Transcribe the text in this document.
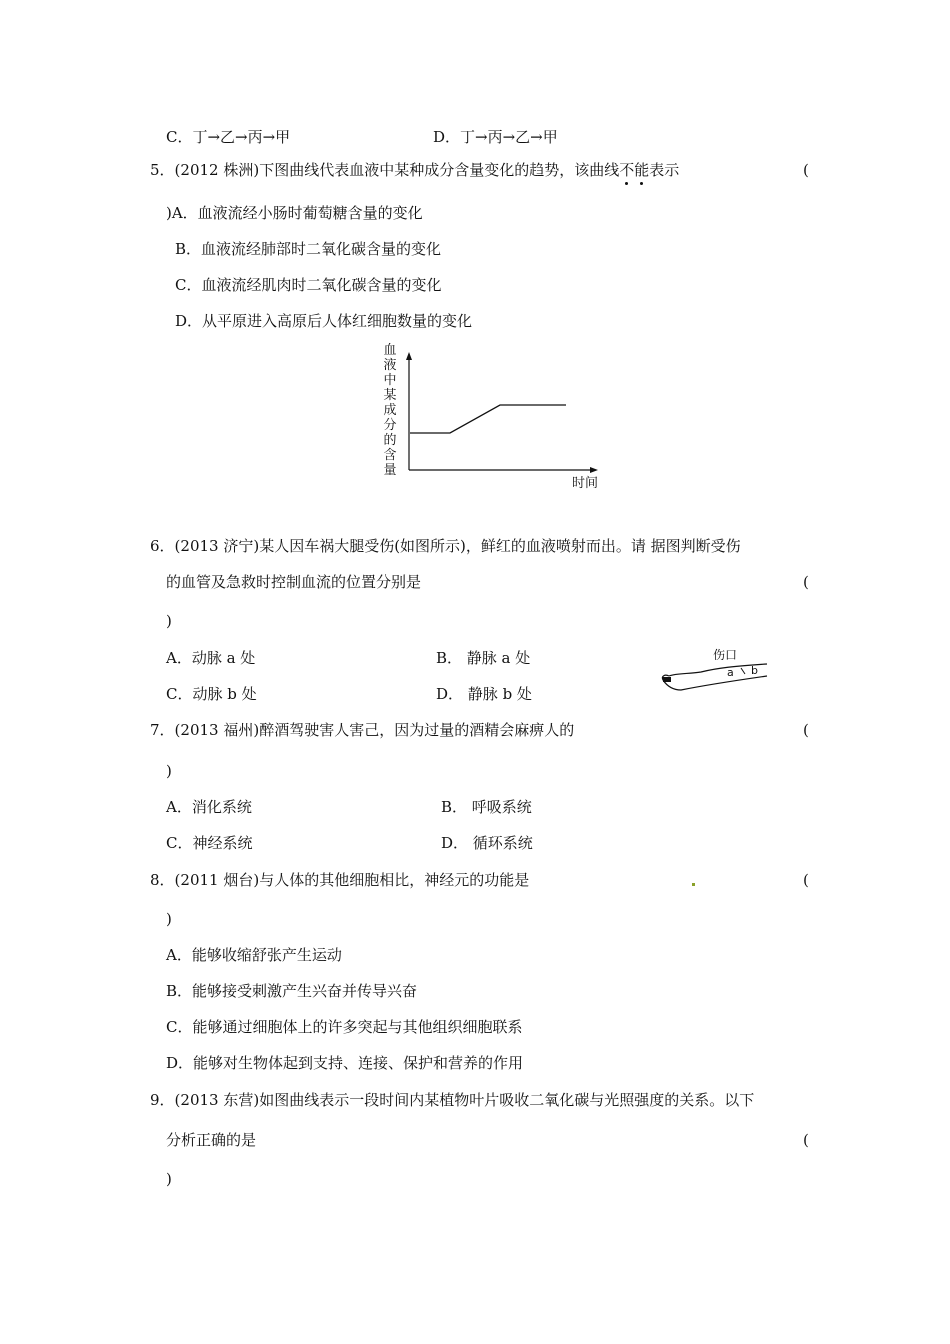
C．丁→乙→丙→甲	D．丁→丙→乙→甲
5．(2012 株洲)下图曲线代表血液中某种成分含量变化的趋势，该曲线不能表示	(
)A．血液流经小肠时葡萄糖含量的变化
B．血液流经肺部时二氧化碳含量的变化
C．血液流经肌肉时二氧化碳含量的变化
D．从平原进入高原后人体红细胞数量的变化
血
液
中
某
成
分
的
含
量
时间
6．(2013 济宁)某人因车祸大腿受伤(如图所示)，鲜红的血液喷射而出。请 据图判断受伤
的血管及急救时控制血流的位置分别是	(
)
A．动脉 a 处	B． 静脉 a 处
C．动脉 b 处	D． 静脉 b 处
伤口
a b
7．(2013 福州)醉酒驾驶害人害己，因为过量的酒精会麻痹人的	(
)
A．消化系统	B． 呼吸系统
C．神经系统	D． 循环系统
8．(2011 烟台)与人体的其他细胞相比，神经元的功能是	(
)
A．能够收缩舒张产生运动
B．能够接受刺激产生兴奋并传导兴奋
C．能够通过细胞体上的许多突起与其他组织细胞联系
D．能够对生物体起到支持、连接、保护和营养的作用
9．(2013 东营)如图曲线表示一段时间内某植物叶片吸收二氧化碳与光照强度的关系。以下
分析正确的是	(
)
